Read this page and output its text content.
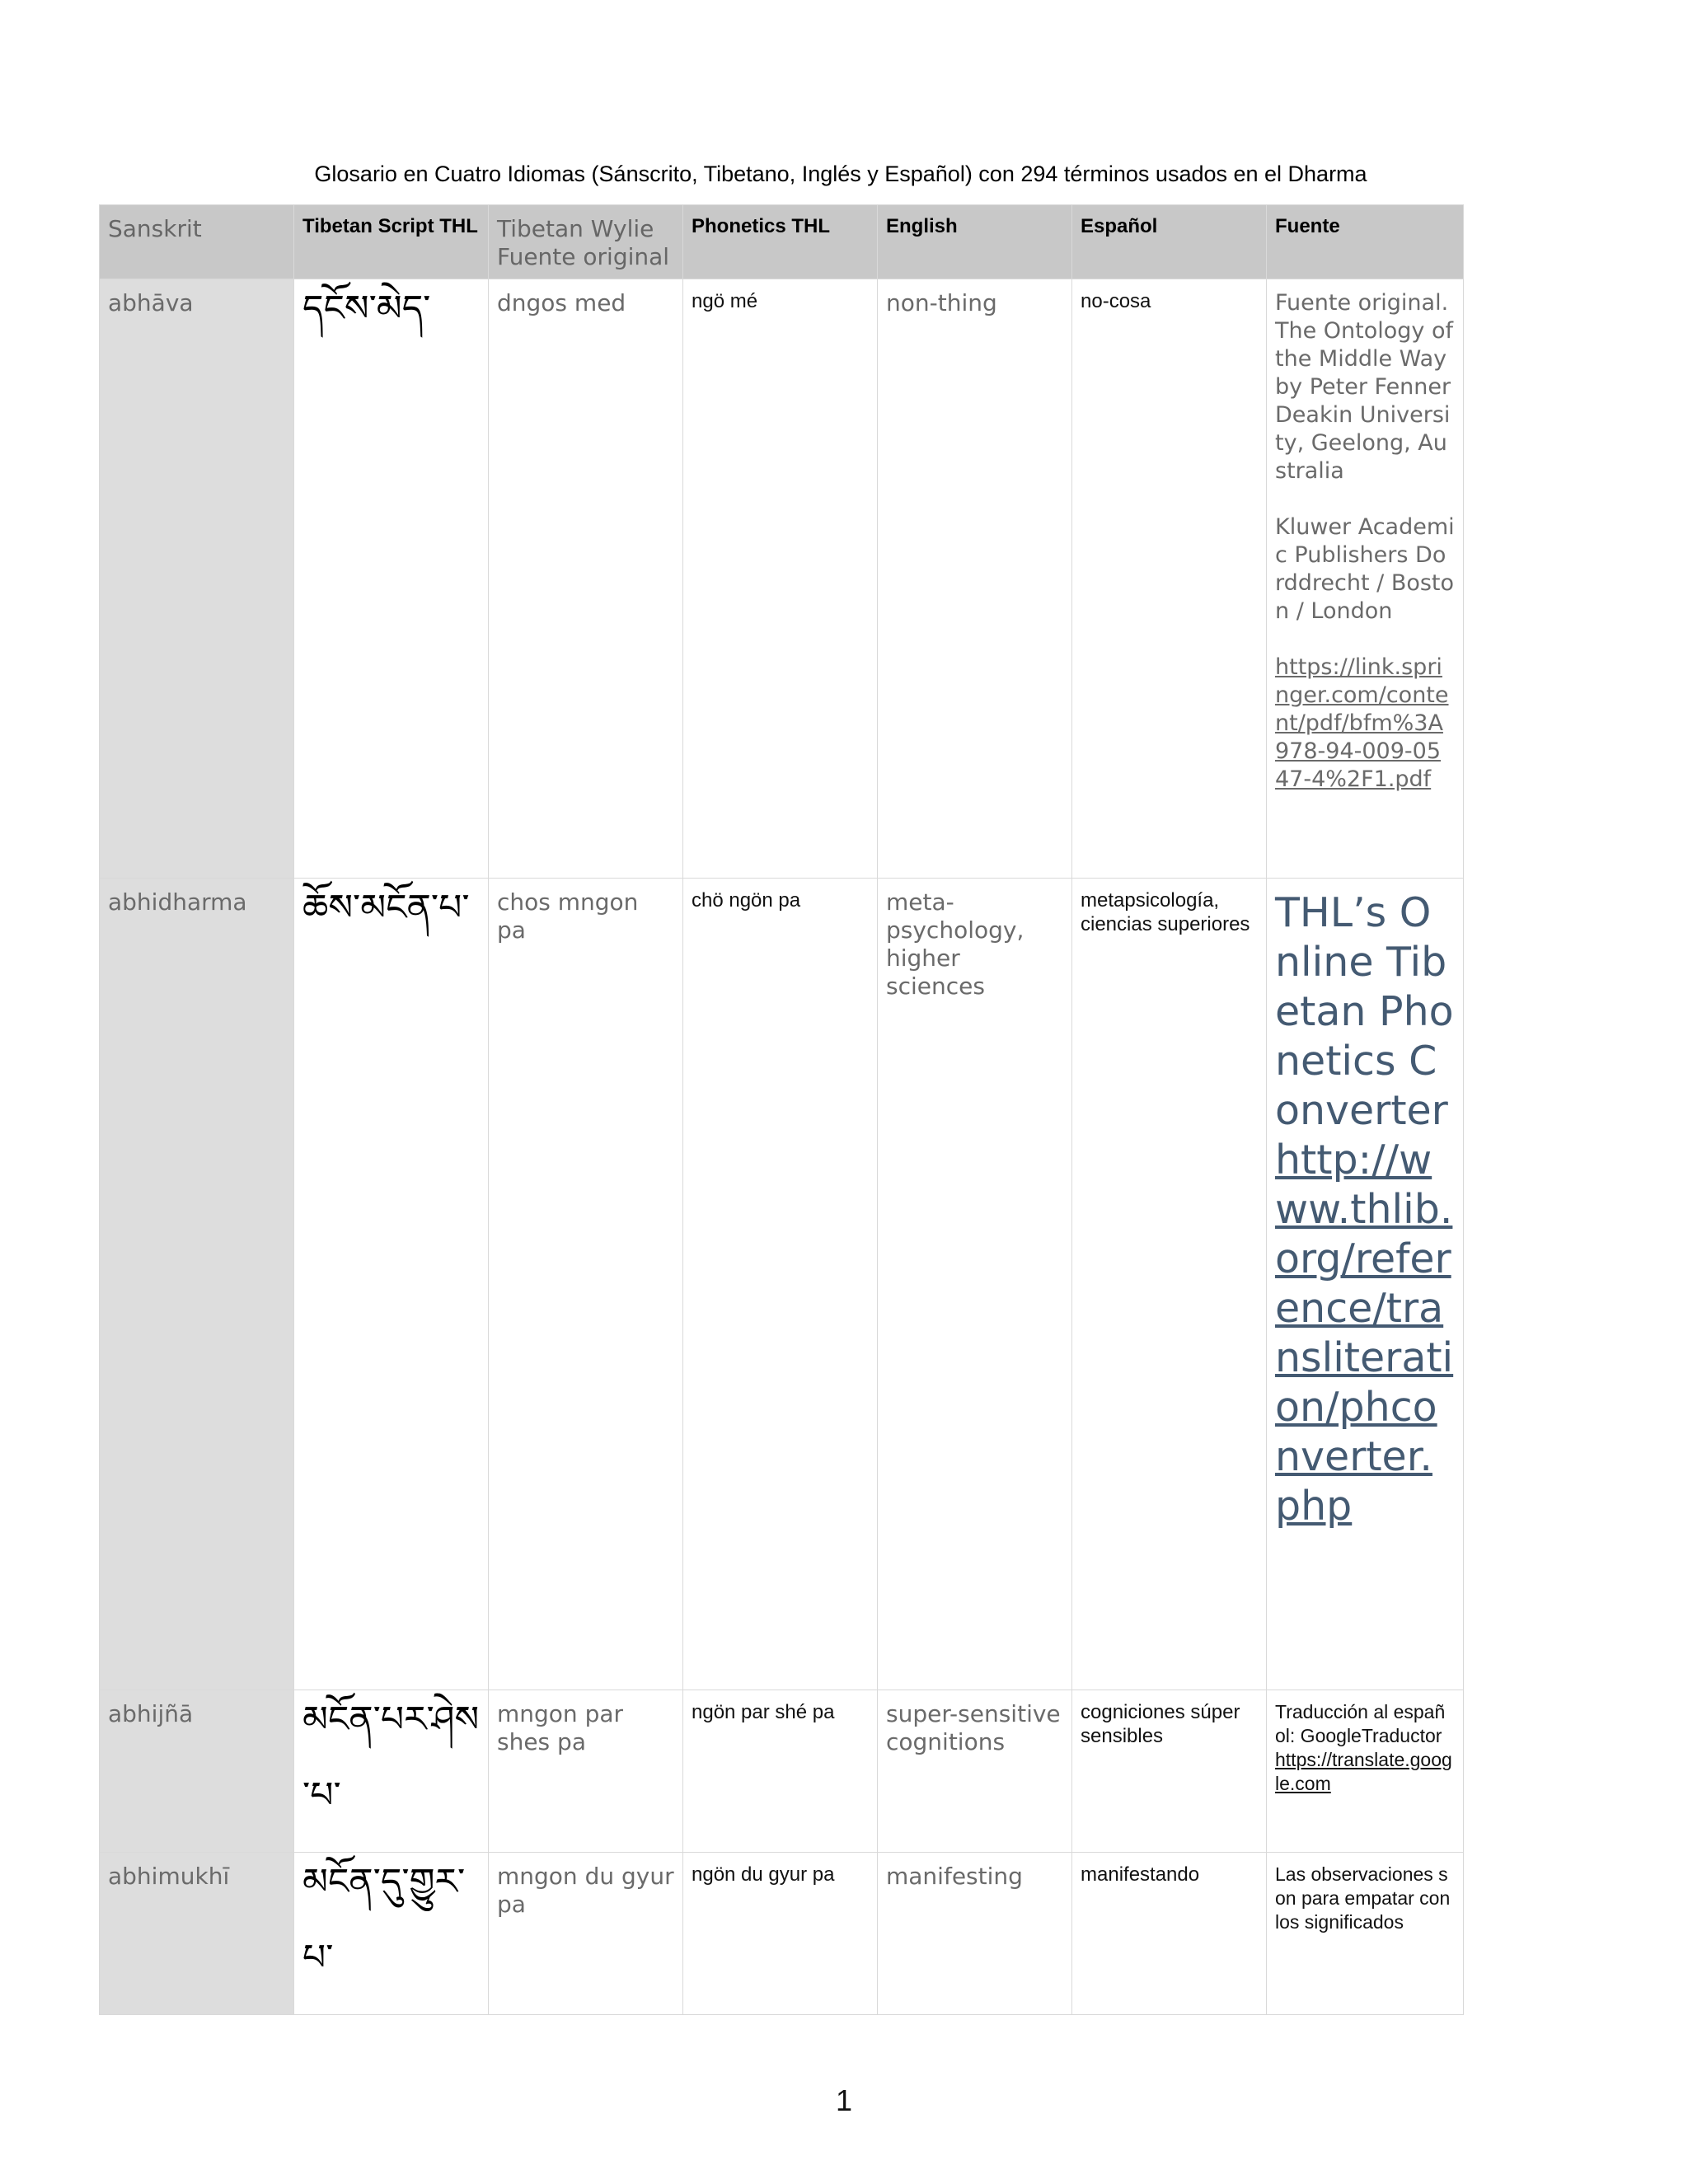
Glosario en Cuatro Idiomas (Sánscrito, Tibetano, Inglés y Español) con 294 términos usados en el Dharma
Sanskrit	Tibetan Script THL	Tibetan Wylie Fuente original	Phonetics THL	English	Español	Fuente
abhāva	དངོས་མེད་	dngos med	ngö mé	non-thing	no-cosa	Fuente original. The Ontology of the Middle Way by Peter Fenner Deakin University, Geelong, Australia

Kluwer Academic Publishers Dorddrecht / Boston / London

https://link.springer.com/content/pdf/bfm%3A978-94-009-0547-4%2F1.pdf

abhidharma	ཆོས་མངོན་པ་	chos mngon pa	chö ngön pa	meta-psychology, higher sciences	metapsicología, ciencias superiores	THL’s Online Tibetan Phonetics Converter http://www.thlib.org/reference/transliteration/phconverter.php

abhijñā	མངོན་པར་ཤེས་པ་	mngon par shes pa	ngön par shé pa	super-sensitive cognitions	cogniciones súper sensibles	Traducción al español: GoogleTraductor https://translate.google.com

abhimukhī	མངོན་དུ་གྱུར་པ་	mngon du gyur pa	ngön du gyur pa	manifesting	manifestando	Las observaciones son para empatar con los significados
1
